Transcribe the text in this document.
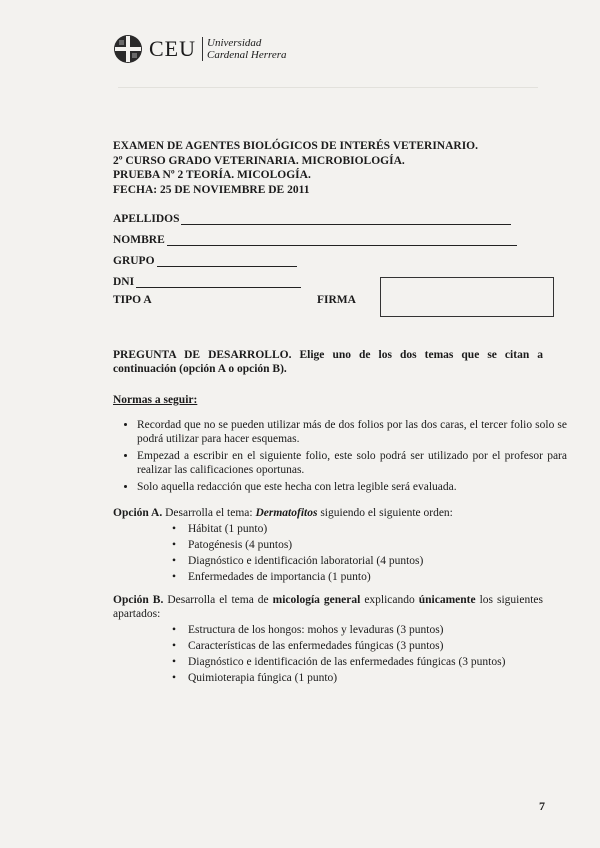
CEU	Universidad
Cardenal Herrera
EXAMEN DE AGENTES BIOLÓGICOS DE INTERÉS VETERINARIO.
2º CURSO GRADO VETERINARIA. MICROBIOLOGÍA.
PRUEBA Nº 2 TEORÍA. MICOLOGÍA.
FECHA: 25 DE NOVIEMBRE DE 2011
APELLIDOS
NOMBRE
GRUPO
DNI
TIPO A	FIRMA
PREGUNTA DE DESARROLLO. Elige uno de los dos temas que se citan a continuación (opción A o opción B).
Normas a seguir:
• Recordad que no se pueden utilizar más de dos folios por las dos caras, el tercer folio solo se podrá utilizar para hacer esquemas.
• Empezad a escribir en el siguiente folio, este solo podrá ser utilizado por el profesor para realizar las calificaciones oportunas.
• Solo aquella redacción que este hecha con letra legible será evaluada.
Opción A. Desarrolla el tema: Dermatofitos siguiendo el siguiente orden:
• Hábitat (1 punto)
• Patogénesis (4 puntos)
• Diagnóstico e identificación laboratorial (4 puntos)
• Enfermedades de importancia (1 punto)
Opción B. Desarrolla el tema de micología general explicando únicamente los siguientes apartados:
• Estructura de los hongos: mohos y levaduras (3 puntos)
• Características de las enfermedades fúngicas (3 puntos)
• Diagnóstico e identificación de las enfermedades fúngicas (3 puntos)
• Quimioterapia fúngica (1 punto)
7
